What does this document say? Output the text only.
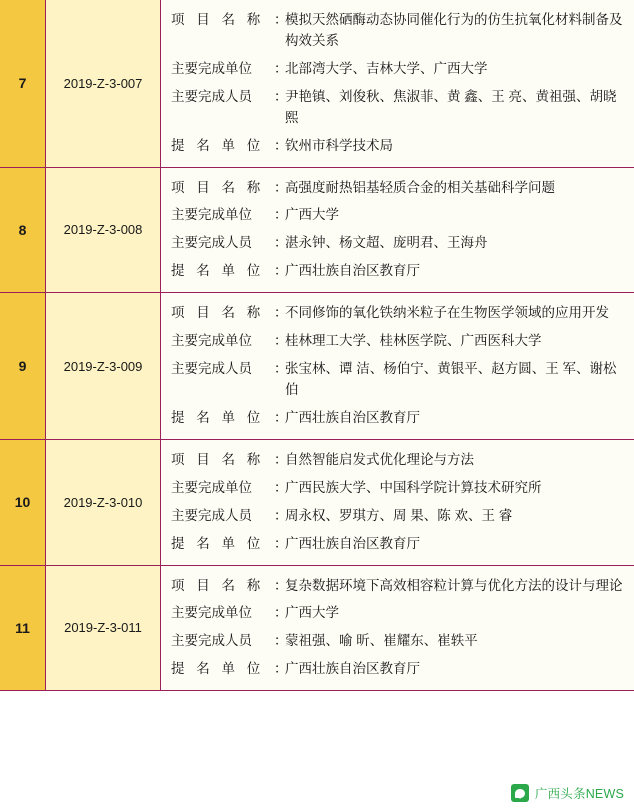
7	2019-Z-3-007
项 目 名 称 ：
模拟天然硒酶动态协同催化行为的仿生抗氧化材料制备及构效关系
主要完成单位	：
北部湾大学、吉林大学、广西大学
主要完成人员	：
尹艳镇、刘俊秋、焦淑菲、黄 鑫、王 亮、黄祖强、胡晓熙
提 名 单 位 ：
钦州市科学技术局
8	2019-Z-3-008
项 目 名 称 ：
高强度耐热铝基轻质合金的相关基础科学问题
主要完成单位	：
广西大学
主要完成人员	：
湛永钟、杨文超、庞明君、王海舟
提 名 单 位 ：
广西壮族自治区教育厅
9	2019-Z-3-009
项 目 名 称 ：
不同修饰的氧化铁纳米粒子在生物医学领域的应用开发
主要完成单位	：
桂林理工大学、桂林医学院、广西医科大学
主要完成人员	：
张宝林、谭 洁、杨伯宁、黄银平、赵方圆、王 军、谢松伯
提 名 单 位 ：
广西壮族自治区教育厅
10	2019-Z-3-010
项 目 名 称 ：
自然智能启发式优化理论与方法
主要完成单位	：
广西民族大学、中国科学院计算技术研究所
主要完成人员	：
周永权、罗琪方、周 果、陈 欢、王 睿
提 名 单 位 ：
广西壮族自治区教育厅
11	2019-Z-3-011
项 目 名 称 ：
复杂数据环境下高效相容粒计算与优化方法的设计与理论
主要完成单位	：
广西大学
主要完成人员	：
蒙祖强、喻 昕、崔耀东、崔轶平
提 名 单 位 ：
广西壮族自治区教育厅
广西头条NEWS
